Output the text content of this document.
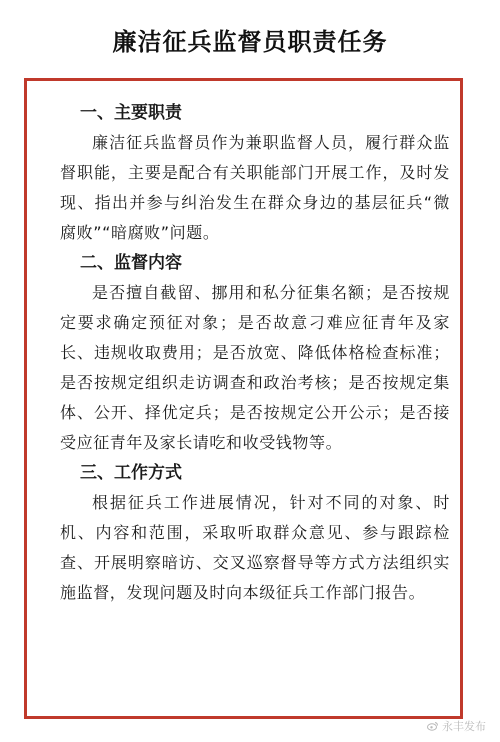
廉洁征兵监督员职责任务
一、主要职责

廉洁征兵监督员作为兼职监督人员，履行群众监督职能，主要是配合有关职能部门开展工作，及时发现、指出并参与纠治发生在群众身边的基层征兵“微腐败”“暗腐败”问题。

二、监督内容

是否擅自截留、挪用和私分征集名额；是否按规定要求确定预征对象；是否故意刁难应征青年及家长、违规收取费用；是否放宽、降低体格检查标准；是否按规定组织走访调查和政治考核；是否按规定集体、公开、择优定兵；是否按规定公开公示；是否接受应征青年及家长请吃和收受钱物等。

三、工作方式

根据征兵工作进展情况，针对不同的对象、时机、内容和范围，采取听取群众意见、参与跟踪检查、开展明察暗访、交叉巡察督导等方式方法组织实施监督，发现问题及时向本级征兵工作部门报告。

永丰发布
